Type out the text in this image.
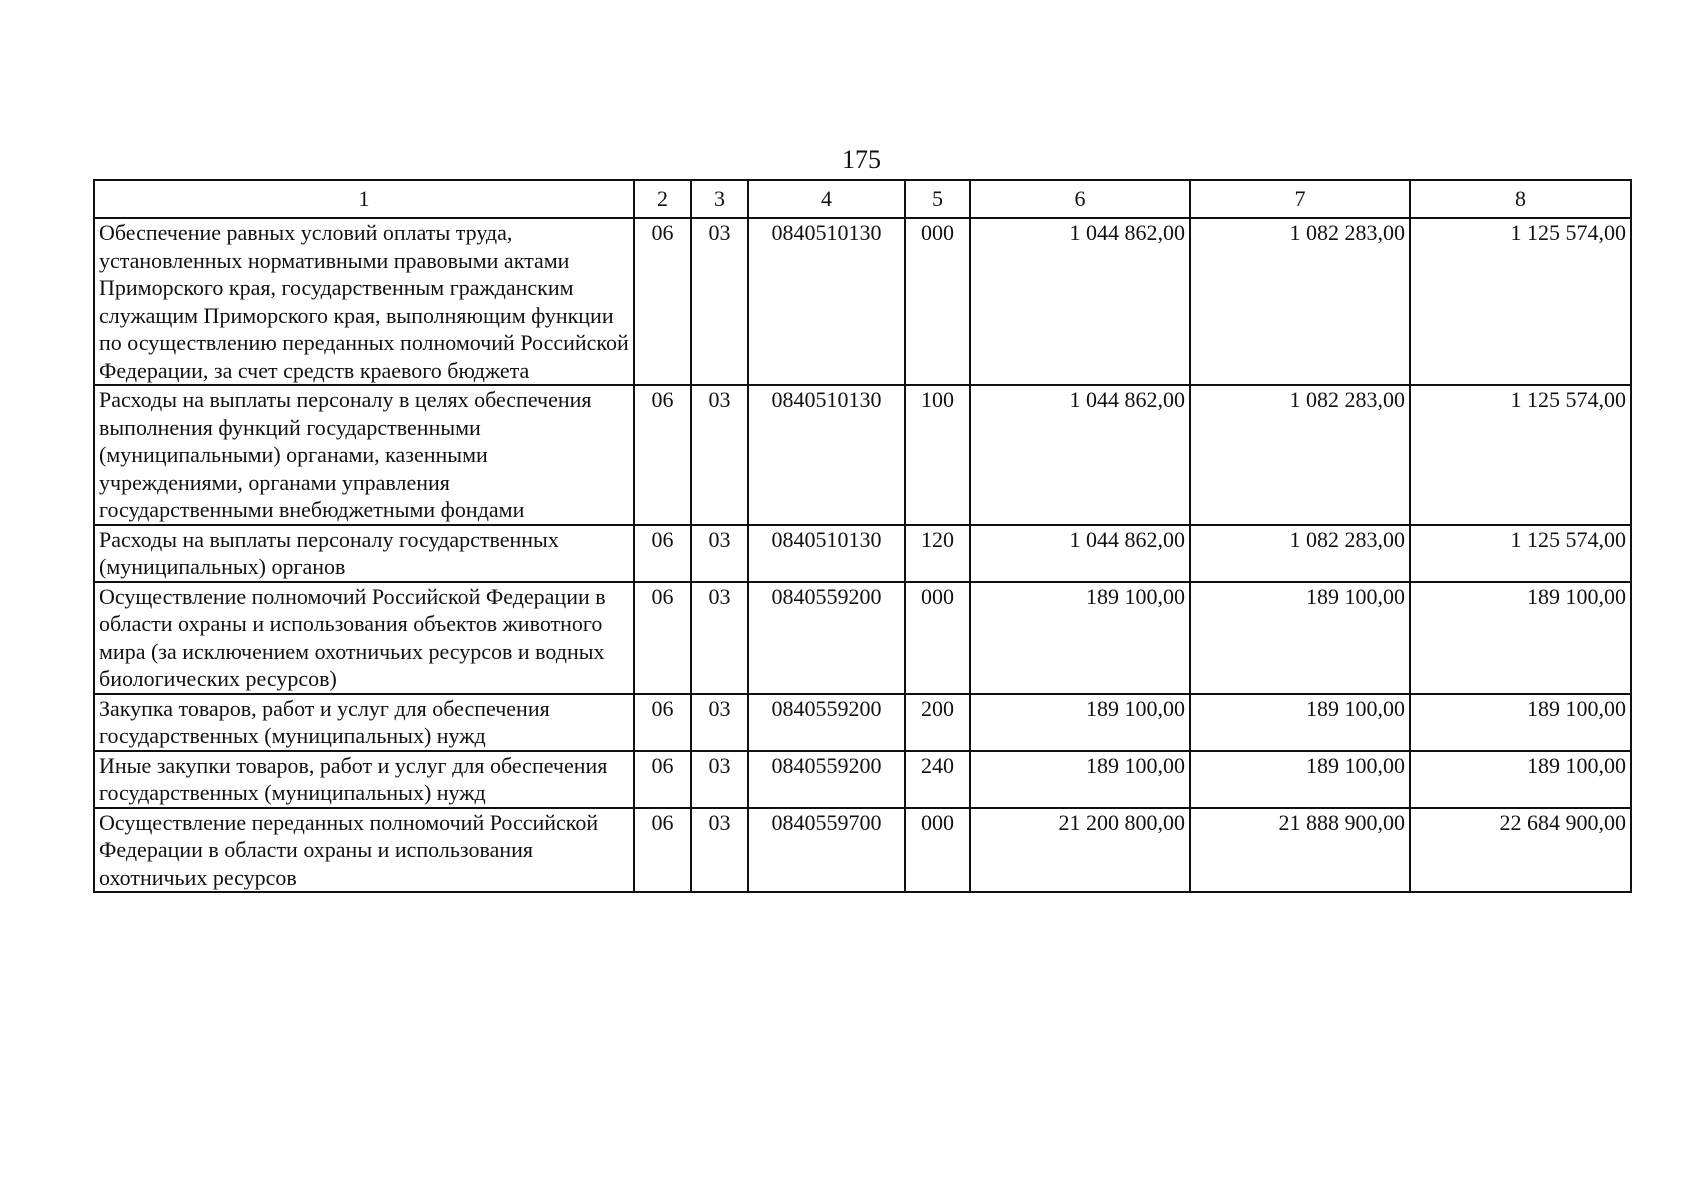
175
1	2	3	4	5	6	7	8
Обеспечение равных условий оплаты труда, установленных нормативными правовыми актами Приморского края, государственным гражданским служащим Приморского края, выполняющим функции по осуществлению переданных полномочий Российской Федерации, за счет средств краевого бюджета	06	03	0840510130	000	1 044 862,00	1 082 283,00	1 125 574,00
Расходы на выплаты персоналу в целях обеспечения выполнения функций государственными (муниципальными) органами, казенными учреждениями, органами управления государственными внебюджетными фондами	06	03	0840510130	100	1 044 862,00	1 082 283,00	1 125 574,00
Расходы на выплаты персоналу государственных (муниципальных) органов	06	03	0840510130	120	1 044 862,00	1 082 283,00	1 125 574,00
Осуществление полномочий Российской Федерации в области охраны и использования объектов животного мира (за исключением охотничьих ресурсов и водных биологических ресурсов)	06	03	0840559200	000	189 100,00	189 100,00	189 100,00
Закупка товаров, работ и услуг для обеспечения государственных (муниципальных) нужд	06	03	0840559200	200	189 100,00	189 100,00	189 100,00
Иные закупки товаров, работ и услуг для обеспечения государственных (муниципальных) нужд	06	03	0840559200	240	189 100,00	189 100,00	189 100,00
Осуществление переданных полномочий Российской Федерации в области охраны и использования охотничьих ресурсов	06	03	0840559700	000	21 200 800,00	21 888 900,00	22 684 900,00
